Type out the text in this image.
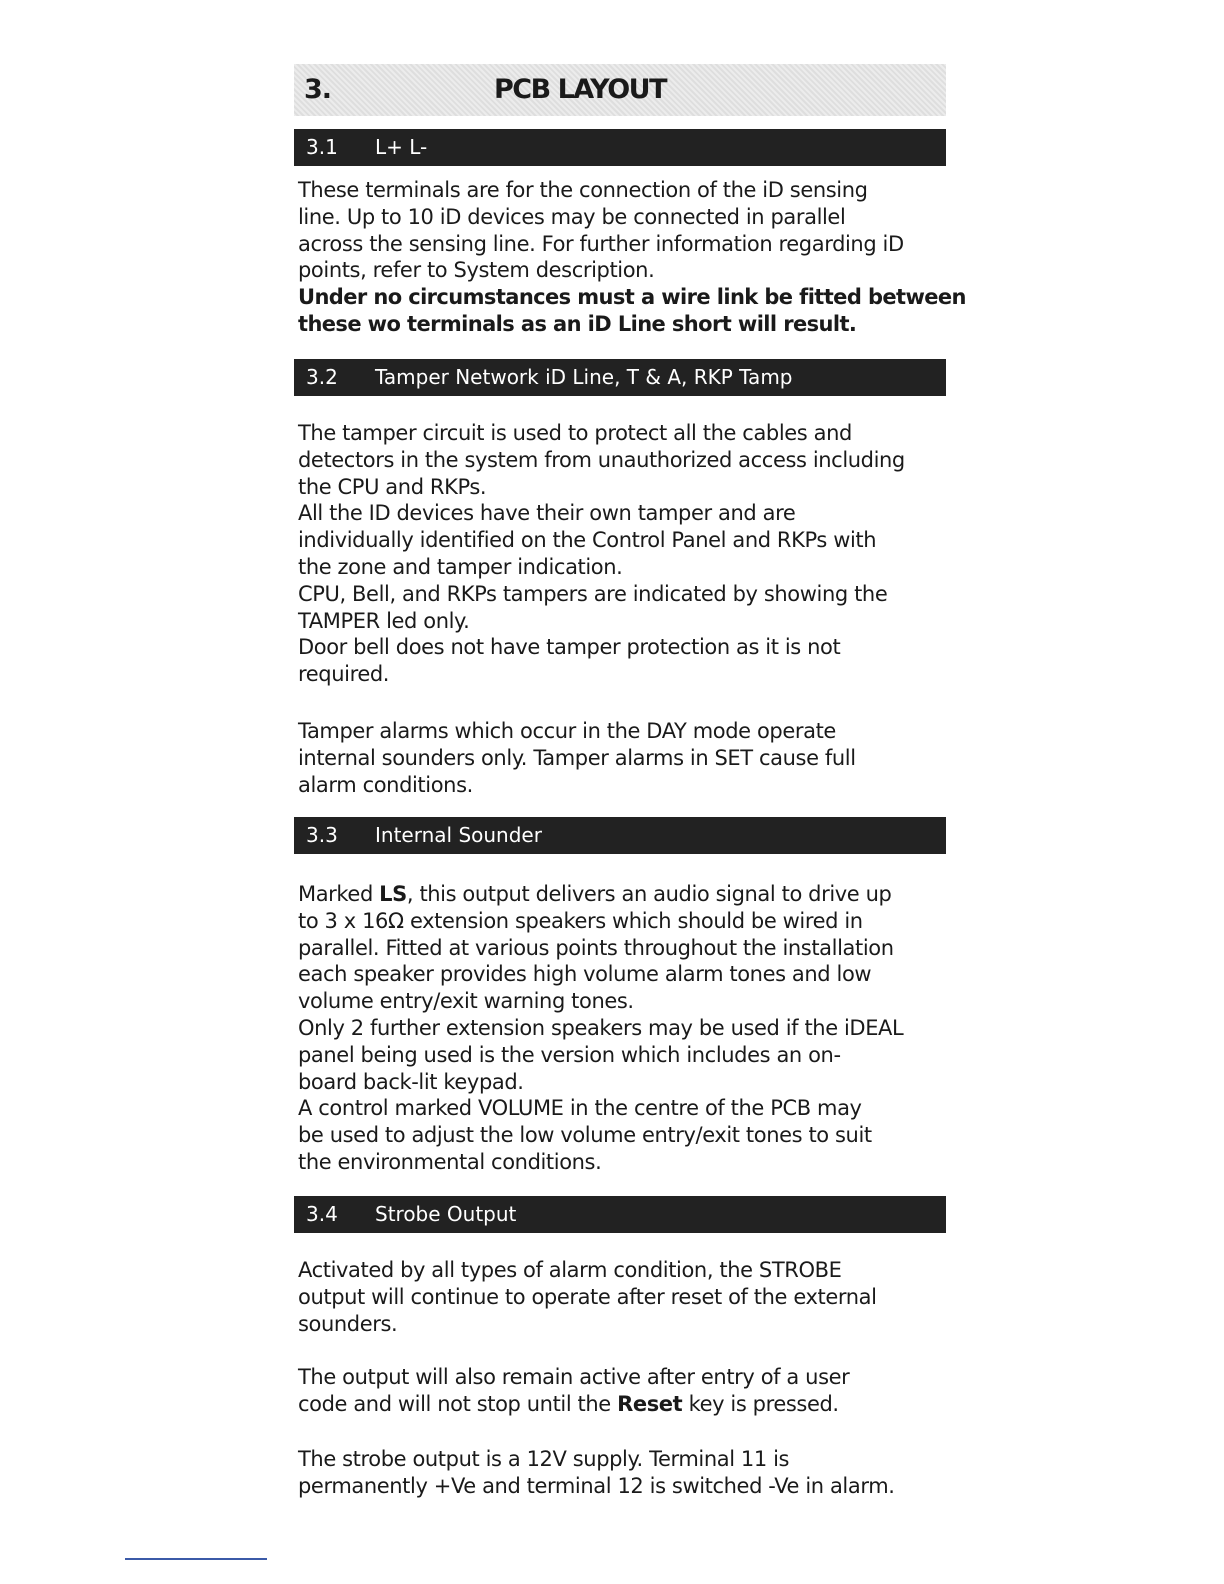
3.	PCB LAYOUT
3.1 L+ L-
These terminals are for the connection of the iD sensing
line. Up to 10 iD devices may be connected in parallel
across the sensing line. For further information regarding iD
points, refer to System description.
Under no circumstances must a wire link be fitted between
these wo terminals as an iD Line short will result.
3.2 Tamper Network iD Line, T & A, RKP Tamp
The tamper circuit is used to protect all the cables and
detectors in the system from unauthorized access including
the CPU and RKPs.
All the ID devices have their own tamper and are
individually identified on the Control Panel and RKPs with
the zone and tamper indication.
CPU, Bell, and RKPs tampers are indicated by showing the
TAMPER led only.
Door bell does not have tamper protection as it is not
required.
Tamper alarms which occur in the DAY mode operate
internal sounders only. Tamper alarms in SET cause full
alarm conditions.
3.3 Internal Sounder
Marked LS, this output delivers an audio signal to drive up
to 3 x 16Ω extension speakers which should be wired in
parallel. Fitted at various points throughout the installation
each speaker provides high volume alarm tones and low
volume entry/exit warning tones.
Only 2 further extension speakers may be used if the iDEAL
panel being used is the version which includes an on-
board back-lit keypad.
A control marked VOLUME in the centre of the PCB may
be used to adjust the low volume entry/exit tones to suit
the environmental conditions.
3.4 Strobe Output
Activated by all types of alarm condition, the STROBE
output will continue to operate after reset of the external
sounders.
The output will also remain active after entry of a user
code and will not stop until the Reset key is pressed.
The strobe output is a 12V supply. Terminal 11 is
permanently +Ve and terminal 12 is switched -Ve in alarm.
